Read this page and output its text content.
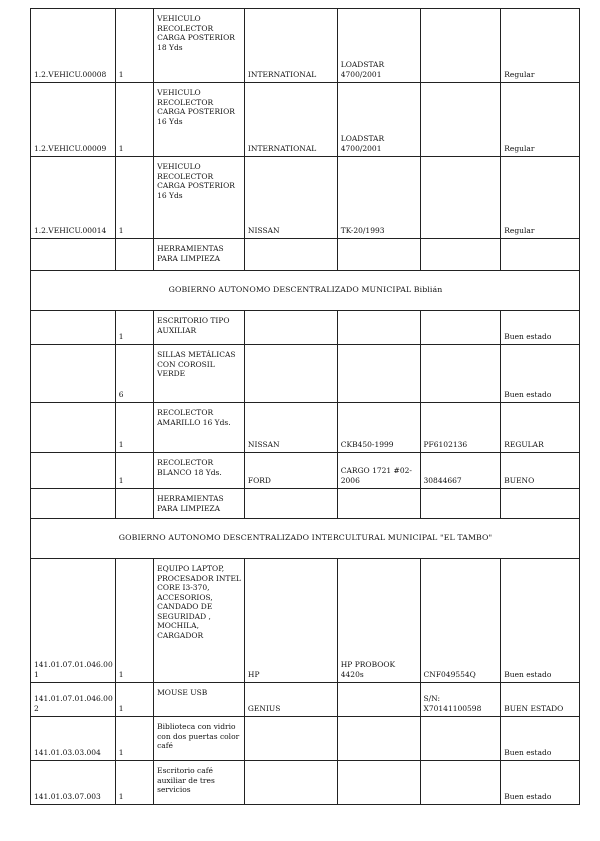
1.2.VEHICU.00008	1	VEHICULO RECOLECTOR CARGA POSTERIOR 18 Yds	INTERNATIONAL	LOADSTAR 4700/2001		Regular
1.2.VEHICU.00009	1	VEHICULO RECOLECTOR CARGA POSTERIOR 16 Yds	INTERNATIONAL	LOADSTAR 4700/2001		Regular
1.2.VEHICU.00014	1	VEHICULO RECOLECTOR CARGA POSTERIOR 16 Yds	NISSAN	TK-20/1993		Regular
		HERRAMIENTAS PARA LIMPIEZA				
GOBIERNO AUTONOMO DESCENTRALIZADO MUNICIPAL Biblián						
	1	ESCRITORIO TIPO AUXILIAR				Buen estado
	6	SILLAS METÁLICAS CON COROSIL VERDE				Buen estado
	1	RECOLECTOR AMARILLO 16 Yds.	NISSAN	CKB450-1999	PF6102136	REGULAR
	1	RECOLECTOR BLANCO 18 Yds.	FORD	CARGO 1721 #02-2006	30844667	BUENO
		HERRAMIENTAS PARA LIMPIEZA				
GOBIERNO AUTONOMO DESCENTRALIZADO INTERCULTURAL MUNICIPAL "EL TAMBO"						
141.01.07.01.046.001	1	EQUIPO LAPTOP, PROCESADOR INTEL CORE I3-370, ACCESORIOS, CANDADO DE SEGURIDAD , MOCHILA, CARGADOR	HP	HP PROBOOK 4420s	CNF049554Q	Buen estado
141.01.07.01.046.002	1	MOUSE USB	GENIUS		S/N: X70141100598	BUEN ESTADO
141.01.03.03.004	1	Biblioteca con vidrio con dos puertas color café				Buen estado
141.01.03.07.003	1	Escritorio café auxiliar de tres servicios				Buen estado
